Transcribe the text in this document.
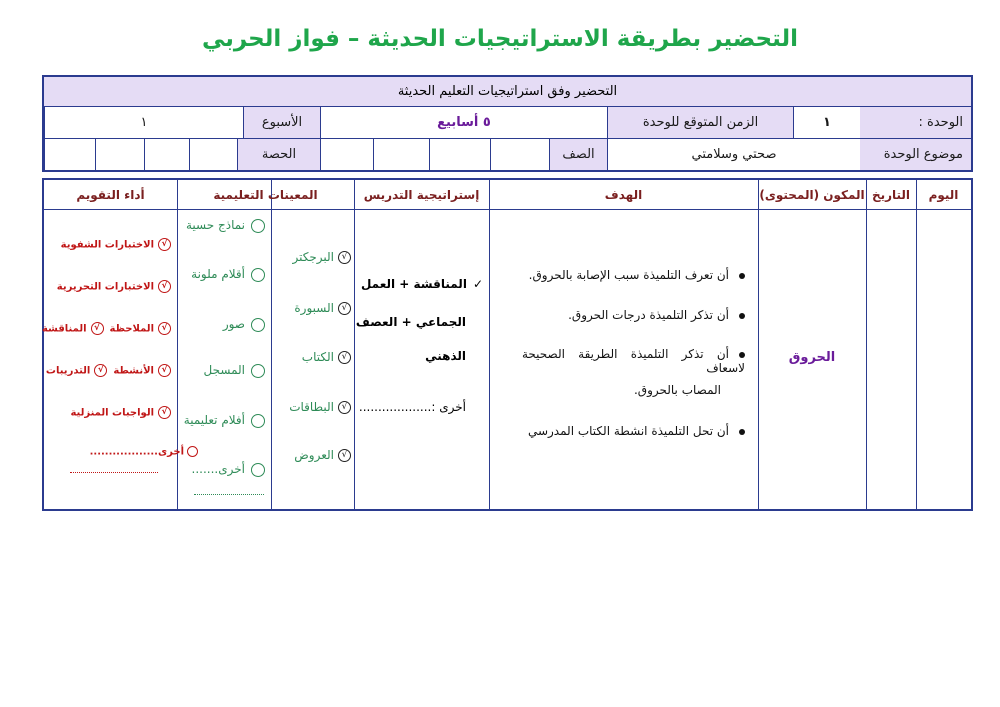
التحضير بطريقة الاستراتيجيات الحديثة – فواز الحربي
التحضير وفق استراتيجيات التعليم الحديثة
الوحدة :
١
الزمن المتوقع للوحدة
٥ أسابيع
الأسبوع
١
موضوع الوحدة
صحتي وسلامتي
الصف
الحصة
اليوم
التاريخ
المكون (المحتوى)
الهدف
إستراتيجية التدريس
المعينات التعليمية
أداء التقويم
الحروق
أن تعرف التلميذة سبب الإصابة بالحروق.
أن تذكر التلميذة درجات الحروق.
أن تذكر التلميذة الطريقة الصحيحة لاسعاف
المصاب بالحروق.
أن تحل التلميذة انشطة الكتاب المدرسي
✓المناقشة + العمل
الجماعي + العصف
الذهني
أخرى :...................
√البرجكتر
√السبورة
√الكتاب
√البطاقات
√العروض
نماذج حسية
أقلام ملونة
صور
المسجل
أفلام تعليمية
أخرى.......
√الاختبارات الشفوية
√الاختبارات التحريرية
√الملاحظة√المناقشة
√الأنشطة√التدريبات
√الواجبات المنزلية
أخرى..................
